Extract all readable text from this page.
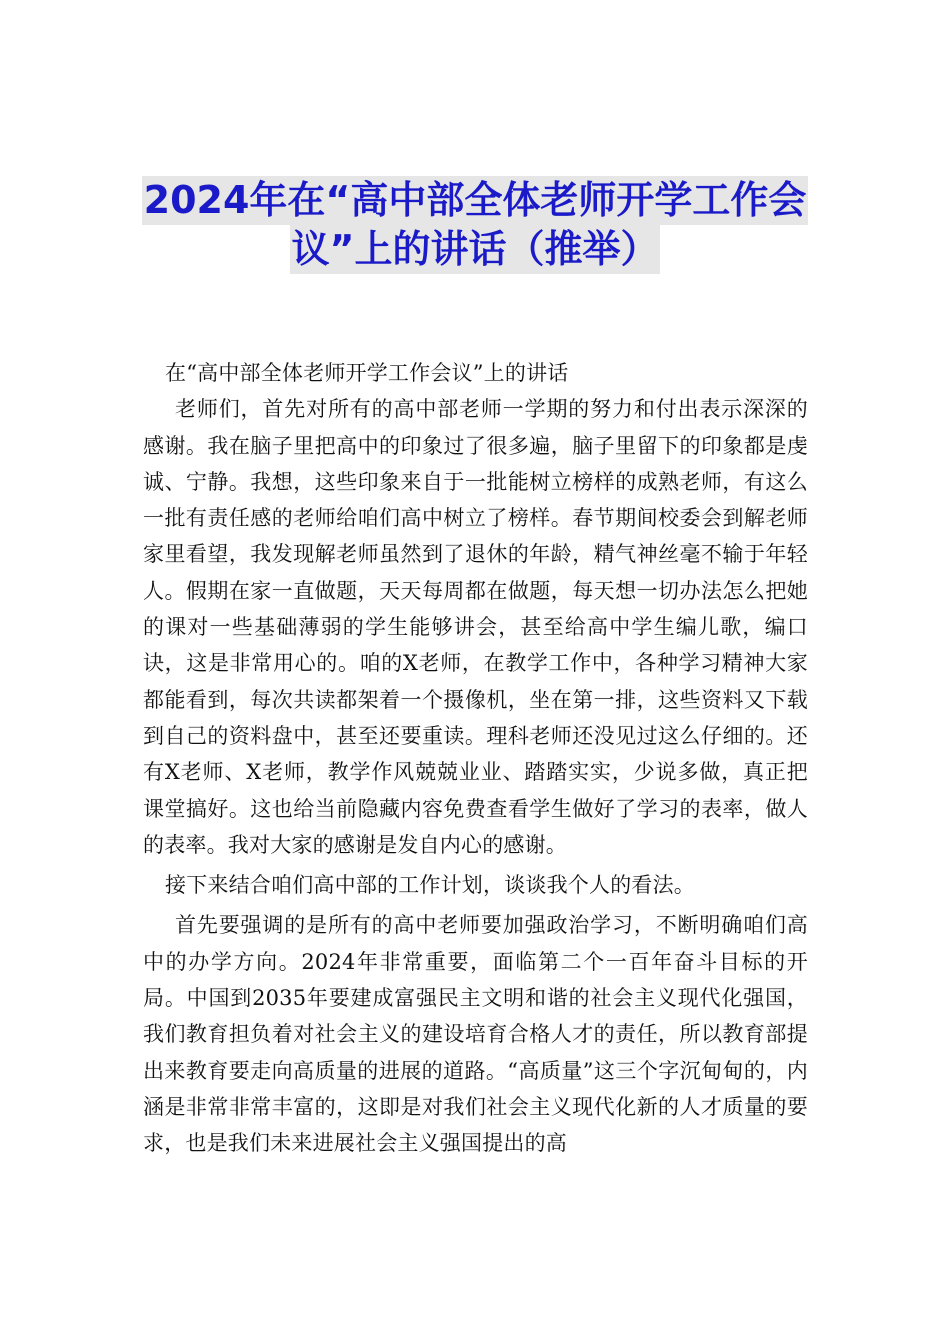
2024年在“高中部全体老师开学工作会
议”上的讲话（推举）

在“高中部全体老师开学工作会议”上的讲话

老师们，首先对所有的高中部老师一学期的努力和付出表示深深的感谢。我在脑子里把高中的印象过了很多遍，脑子里留下的印象都是虔诚、宁静。我想，这些印象来自于一批能树立榜样的成熟老师，有这么一批有责任感的老师给咱们高中树立了榜样。春节期间校委会到解老师家里看望，我发现解老师虽然到了退休的年龄，精气神丝毫不输于年轻人。假期在家一直做题，天天每周都在做题，每天想一切办法怎么把她的课对一些基础薄弱的学生能够讲会，甚至给高中学生编儿歌，编口诀，这是非常用心的。咱的X老师，在教学工作中，各种学习精神大家都能看到，每次共读都架着一个摄像机，坐在第一排，这些资料又下载到自己的资料盘中，甚至还要重读。理科老师还没见过这么仔细的。还有X老师、X老师，教学作风兢兢业业、踏踏实实，少说多做，真正把课堂搞好。这也给当前隐藏内容免费查看学生做好了学习的表率，做人的表率。我对大家的感谢是发自内心的感谢。

接下来结合咱们高中部的工作计划，谈谈我个人的看法。

首先要强调的是所有的高中老师要加强政治学习，不断明确咱们高中的办学方向。2024年非常重要，面临第二个一百年奋斗目标的开局。中国到2035年要建成富强民主文明和谐的社会主义现代化强国，我们教育担负着对社会主义的建设培育合格人才的责任，所以教育部提出来教育要走向高质量的进展的道路。“高质量”这三个字沉甸甸的，内涵是非常非常丰富的，这即是对我们社会主义现代化新的人才质量的要求，也是我们未来进展社会主义强国提出的高
